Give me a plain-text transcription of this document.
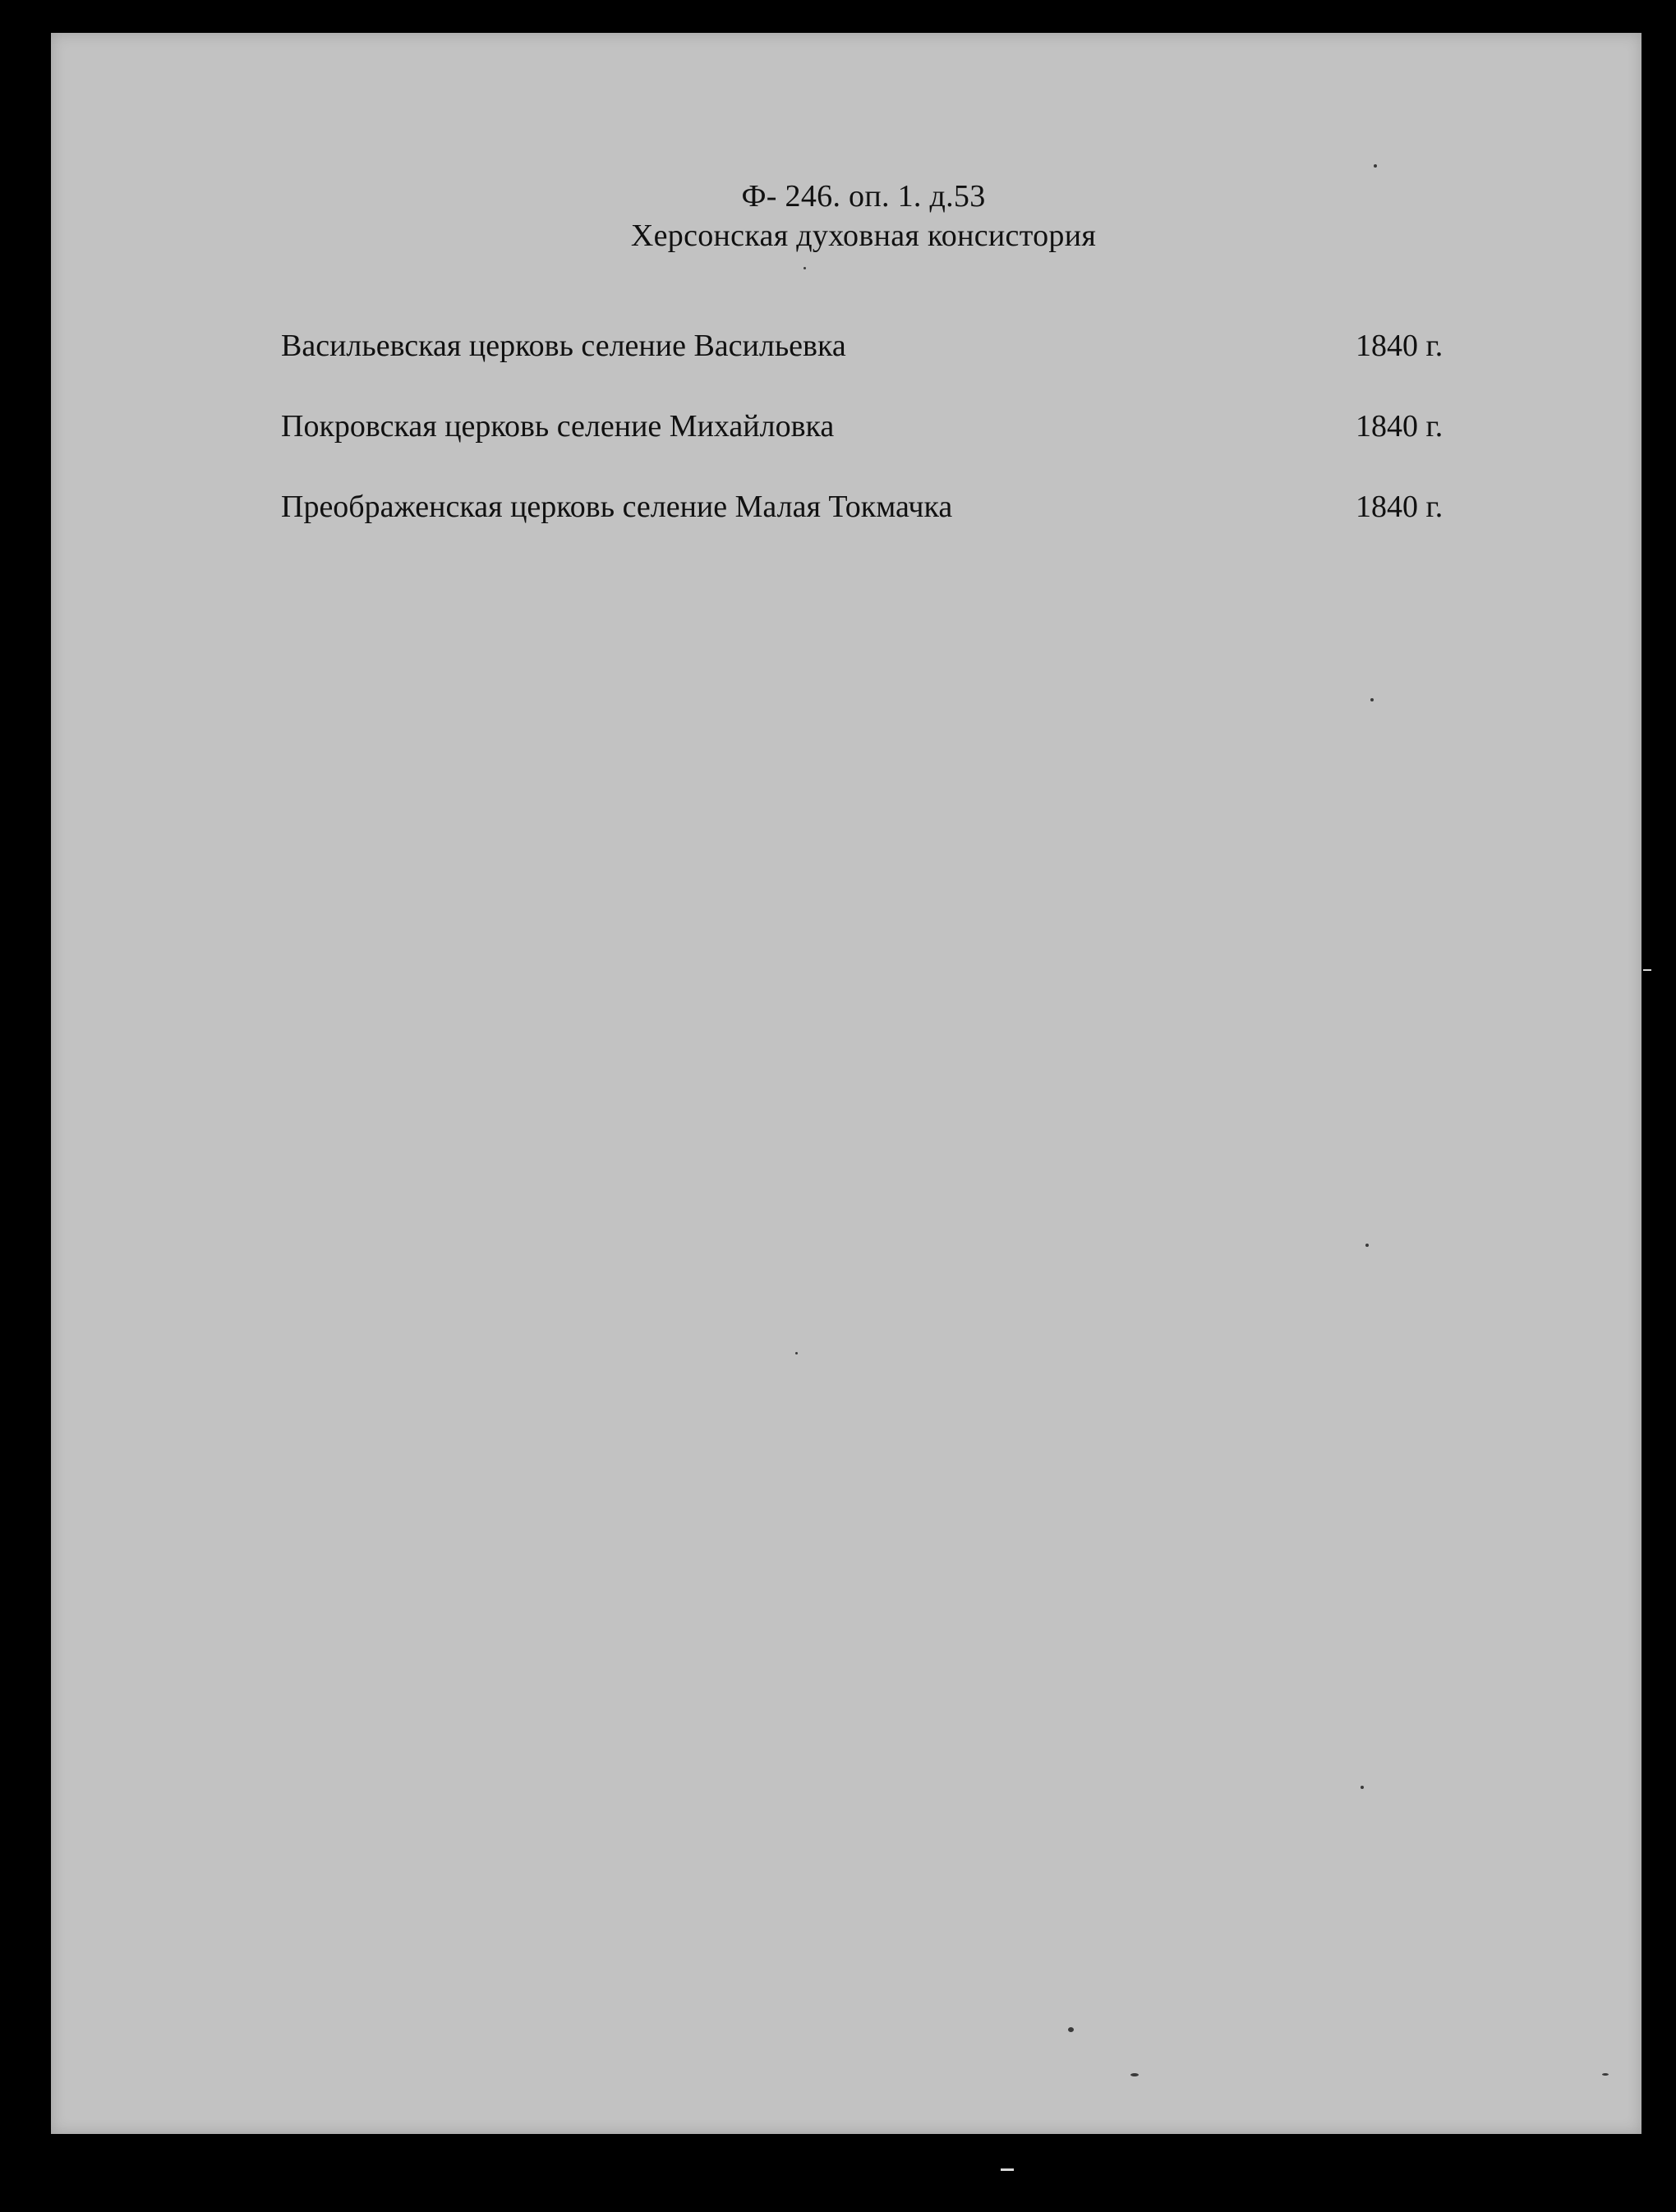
Ф- 246. оп. 1. д.53
Херсонская духовная консистория
Васильевская церковь селение Васильевка	1840 г.
Покровская церковь селение Михайловка	1840 г.
Преображенская церковь селение Малая Токмачка	1840 г.
